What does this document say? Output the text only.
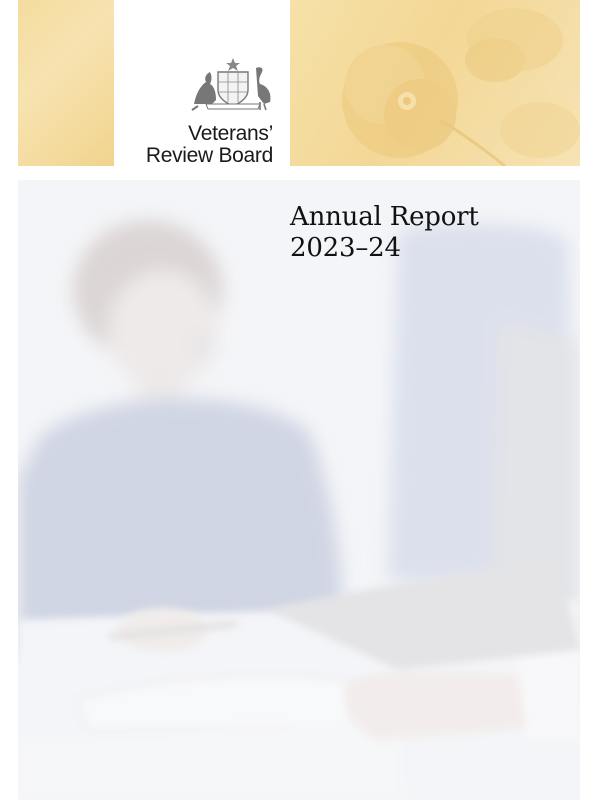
Veterans’
Review Board
Annual Report
2023–24
